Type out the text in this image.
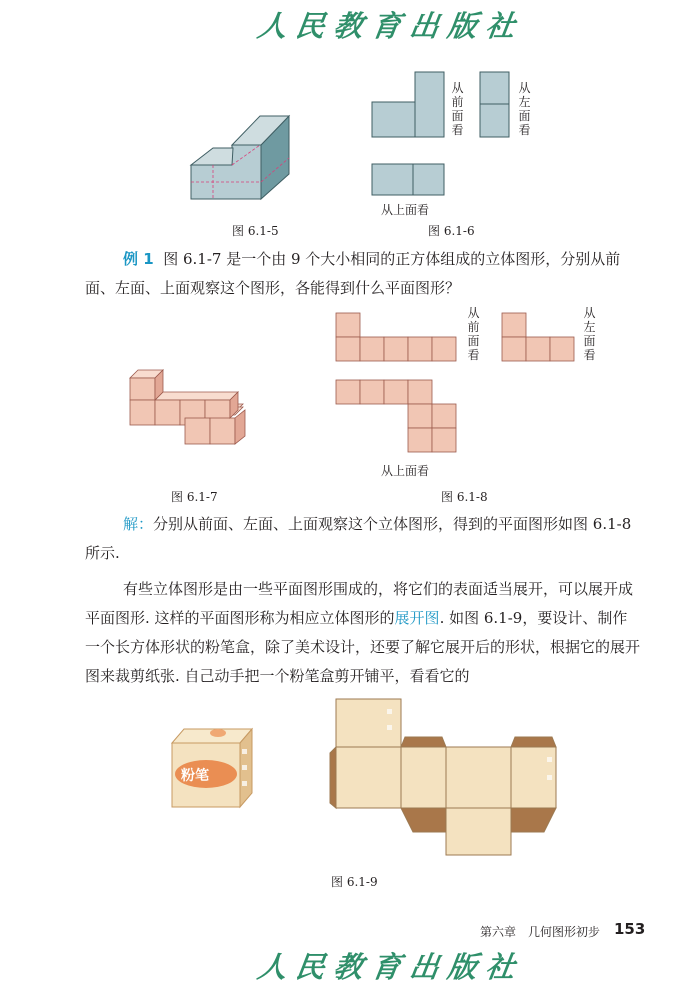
人民教育出版社
图 6.1-5
从前面看
从左面看
从上面看
图 6.1-6
例 1 图 6.1-7 是一个由 9 个大小相同的正方体组成的立体图形，分别从前面、左面、上面观察这个图形，各能得到什么平面图形？
图 6.1-7
从前面看
从左面看
从上面看
图 6.1-8
解：分别从前面、左面、上面观察这个立体图形，得到的平面图形如图 6.1-8 所示.
有些立体图形是由一些平面图形围成的，将它们的表面适当展开，可以展开成平面图形. 这样的平面图形称为相应立体图形的展开图. 如图 6.1-9，要设计、制作一个长方体形状的粉笔盒，除了美术设计，还要了解它展开后的形状，根据它的展开图来裁剪纸张. 自己动手把一个粉笔盒剪开铺平，看看它的
粉笔
图 6.1-9
第六章　几何图形初步 153
人民教育出版社
